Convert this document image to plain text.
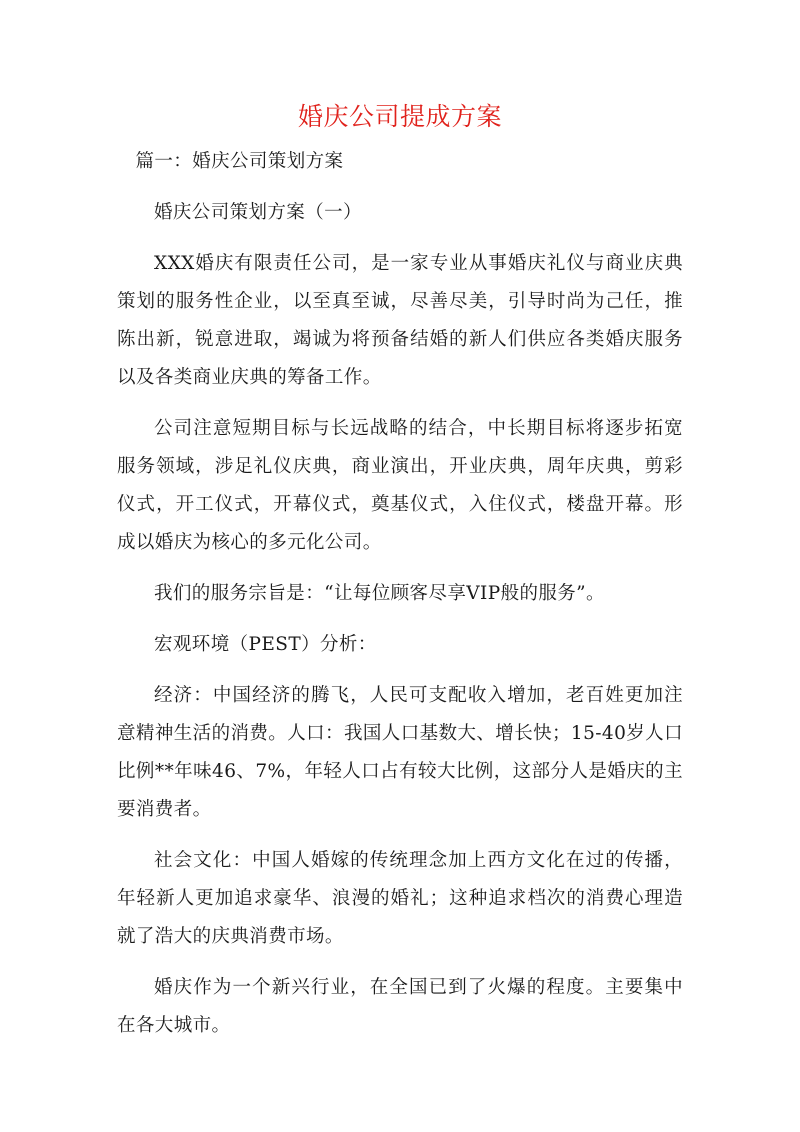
婚庆公司提成方案

篇一：婚庆公司策划方案

婚庆公司策划方案（一）

XXX婚庆有限责任公司，是一家专业从事婚庆礼仪与商业庆典策划的服务性企业，以至真至诚，尽善尽美，引导时尚为己任，推陈出新，锐意进取，竭诚为将预备结婚的新人们供应各类婚庆服务以及各类商业庆典的筹备工作。

公司注意短期目标与长远战略的结合，中长期目标将逐步拓宽服务领域，涉足礼仪庆典，商业演出，开业庆典，周年庆典，剪彩仪式，开工仪式，开幕仪式，奠基仪式，入住仪式，楼盘开幕。形成以婚庆为核心的多元化公司。

我们的服务宗旨是：“让每位顾客尽享VIP般的服务”。

宏观环境（PEST）分析：

经济：中国经济的腾飞，人民可支配收入增加，老百姓更加注意精神生活的消费。人口：我国人口基数大、增长快；15-40岁人口比例**年味46、7%，年轻人口占有较大比例，这部分人是婚庆的主要消费者。

社会文化：中国人婚嫁的传统理念加上西方文化在过的传播，年轻新人更加追求豪华、浪漫的婚礼；这种追求档次的消费心理造就了浩大的庆典消费市场。

婚庆作为一个新兴行业，在全国已到了火爆的程度。主要集中在各大城市。
